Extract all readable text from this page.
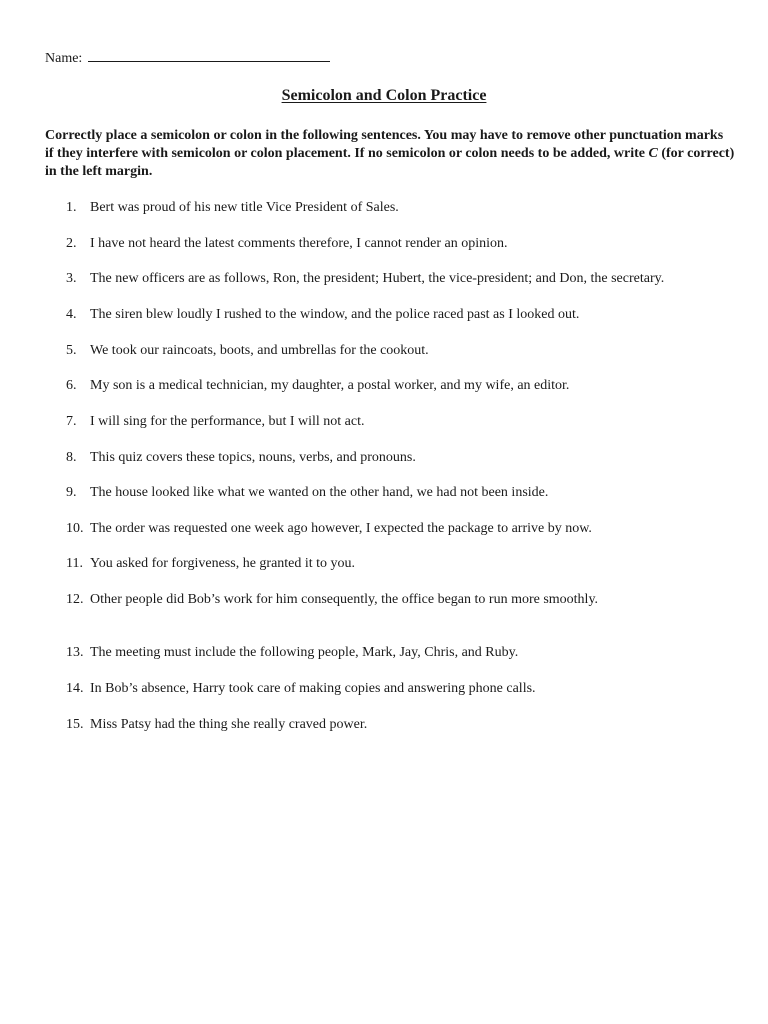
Name:
Semicolon and Colon Practice
Correctly place a semicolon or colon in the following sentences. You may have to remove other punctuation marks if they interfere with semicolon or colon placement. If no semicolon or colon needs to be added, write C (for correct) in the left margin.
1. Bert was proud of his new title Vice President of Sales.
2. I have not heard the latest comments therefore, I cannot render an opinion.
3. The new officers are as follows, Ron, the president; Hubert, the vice-president; and Don, the secretary.
4. The siren blew loudly I rushed to the window, and the police raced past as I looked out.
5. We took our raincoats, boots, and umbrellas for the cookout.
6. My son is a medical technician, my daughter, a postal worker, and my wife, an editor.
7. I will sing for the performance, but I will not act.
8. This quiz covers these topics, nouns, verbs, and pronouns.
9. The house looked like what we wanted on the other hand, we had not been inside.
10. The order was requested one week ago however, I expected the package to arrive by now.
11. You asked for forgiveness, he granted it to you.
12. Other people did Bob’s work for him consequently, the office began to run more smoothly.
13. The meeting must include the following people, Mark, Jay, Chris, and Ruby.
14. In Bob’s absence, Harry took care of making copies and answering phone calls.
15. Miss Patsy had the thing she really craved power.
